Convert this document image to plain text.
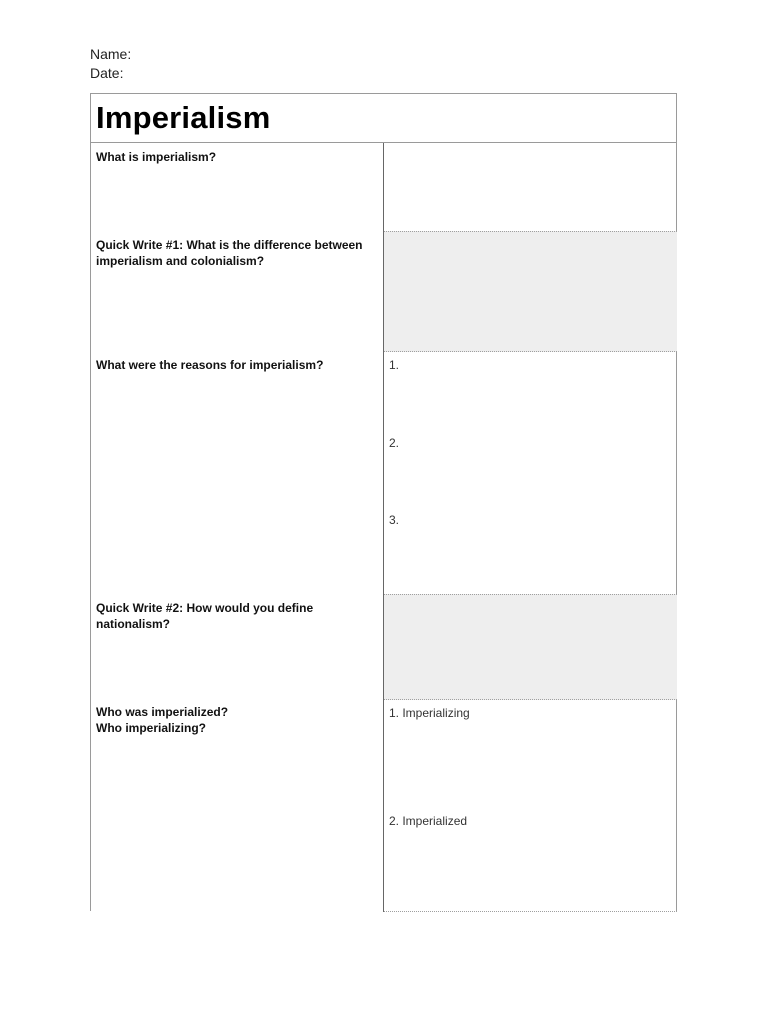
Name:
Date:
Imperialism
What is imperialism?
Quick Write #1: What is the difference between
imperialism and colonialism?
What were the reasons for imperialism?
Quick Write #2: How would you define
nationalism?
Who was imperialized?
Who imperializing?
1.
2.
3.
1. Imperializing
2. Imperialized
